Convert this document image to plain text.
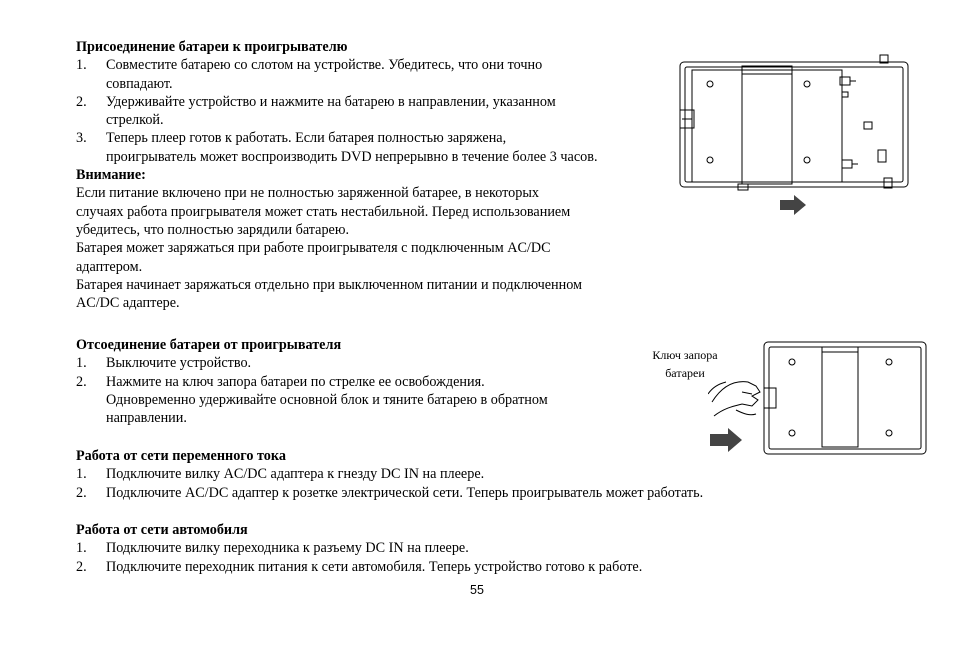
Присоединение батареи к проигрывателю
1. Совместите батарею со слотом на устройстве. Убедитесь, что они точно
совпадают.
2. Удерживайте устройство и нажмите на батарею в направлении, указанном
стрелкой.
3. Теперь плеер готов к работать. Если батарея полностью заряжена,
проигрыватель может воспроизводить DVD непрерывно в течение более 3 часов.
Внимание:
Если питание включено при не полностью заряженной батарее, в некоторых
случаях работа проигрывателя может стать нестабильной. Перед использованием
убедитесь, что полностью зарядили батарею.
Батарея может заряжаться при работе проигрывателя с подключенным AC/DC
адаптером.
Батарея начинает заряжаться отдельно при выключенном питании и подключенном
AC/DC адаптере.
Отсоединение батареи от проигрывателя
1. Выключите устройство.
2. Нажмите на ключ запора батареи по стрелке ее освобождения.
Одновременно удерживайте основной блок и тяните батарею в обратном
направлении.
Работа от сети переменного тока
1. Подключите вилку AC/DC адаптера к гнезду DC IN на плеере.
2. Подключите AC/DC адаптер к розетке электрической сети. Теперь проигрыватель может работать.
Работа от сети автомобиля
1. Подключите вилку переходника к разъему DC IN на плеере.
2. Подключите переходник питания к сети автомобиля. Теперь устройство готово к работе.
Ключ запора
батареи
55
